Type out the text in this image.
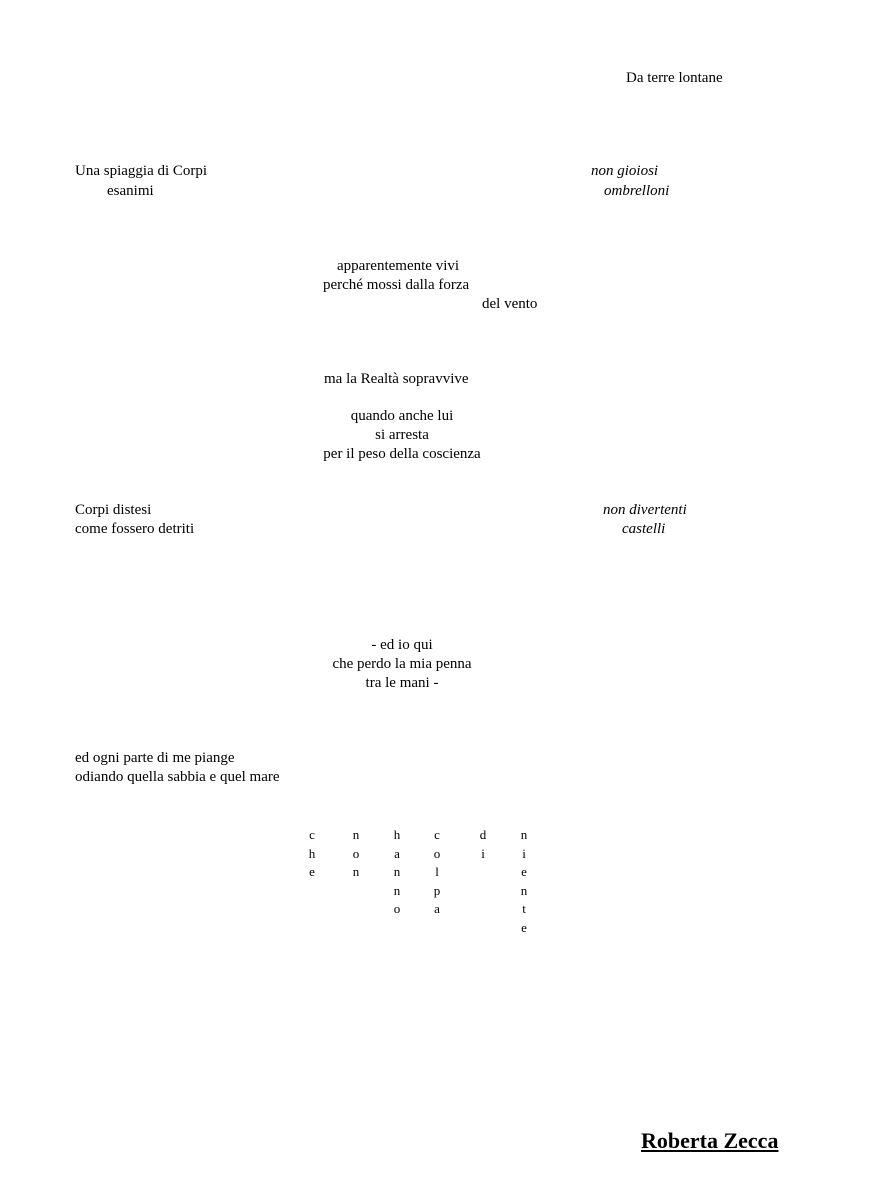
Da terre lontane
Una spiaggia di Corpi
esanimi
non gioiosi
ombrelloni
apparentemente vivi
perché mossi dalla forza
del vento
ma la Realtà sopravvive
quando anche lui
si arresta
per il peso della coscienza
Corpi distesi
come fossero detriti
non divertenti
castelli
- ed io qui
che perdo la mia penna
tra le mani -
ed ogni parte di me piange
odiando quella sabbia e quel mare
c
h
e
n
o
n
h
a
n
n
o
c
o
l
p
a
d
i
n
i
e
n
t
e
Roberta Zecca
